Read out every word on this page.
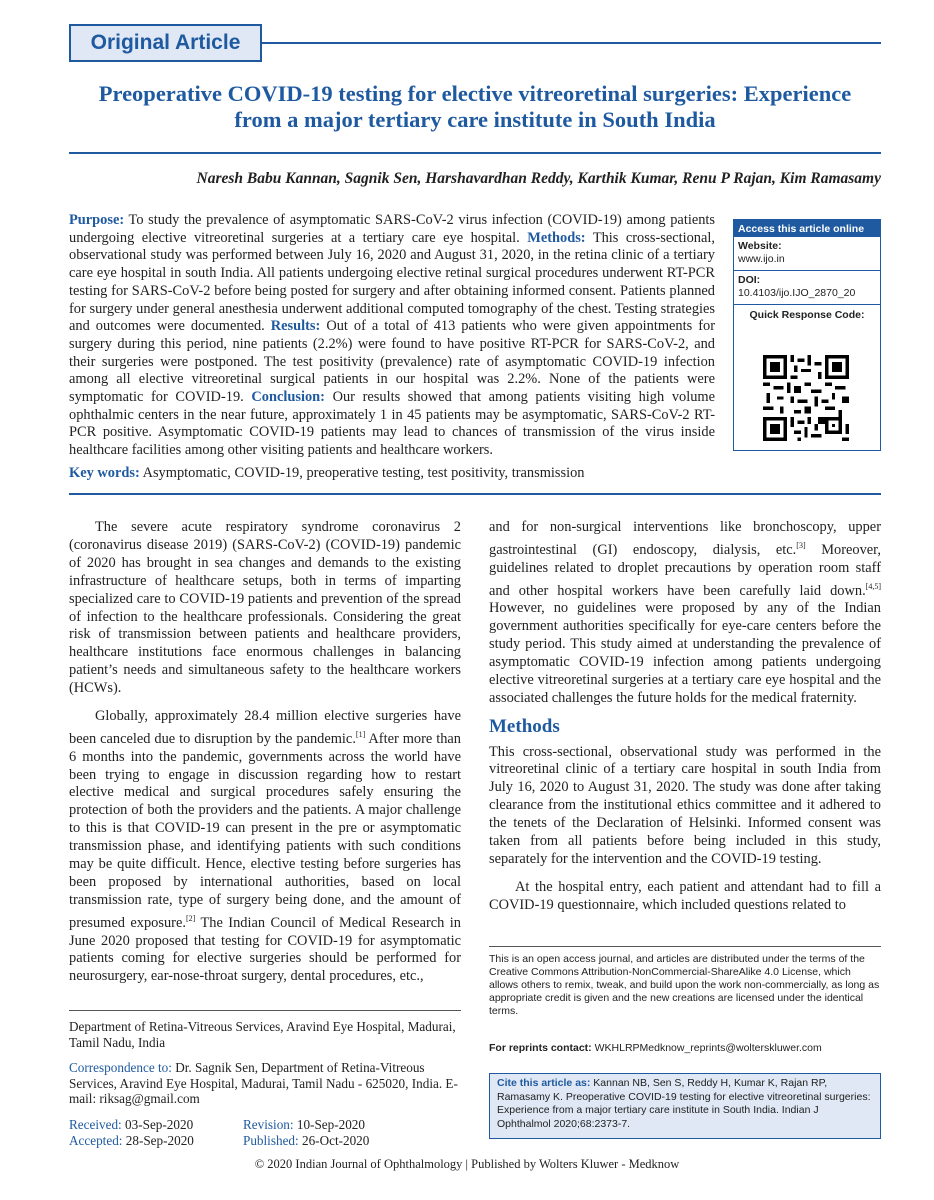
Original Article
Preoperative COVID-19 testing for elective vitreoretinal surgeries: Experience
from a major tertiary care institute in South India
Naresh Babu Kannan, Sagnik Sen, Harshavardhan Reddy, Karthik Kumar, Renu P Rajan, Kim Ramasamy
Purpose: To study the prevalence of asymptomatic SARS-CoV-2 virus infection (COVID-19) among patients undergoing elective vitreoretinal surgeries at a tertiary care eye hospital. Methods: This cross-sectional, observational study was performed between July 16, 2020 and August 31, 2020, in the retina clinic of a tertiary care eye hospital in south India. All patients undergoing elective retinal surgical procedures underwent RT-PCR testing for SARS-CoV-2 before being posted for surgery and after obtaining informed consent. Patients planned for surgery under general anesthesia underwent additional computed tomography of the chest. Testing strategies and outcomes were documented. Results: Out of a total of 413 patients who were given appointments for surgery during this period, nine patients (2.2%) were found to have positive RT-PCR for SARS-CoV-2, and their surgeries were postponed. The test positivity (prevalence) rate of asymptomatic COVID-19 infection among all elective vitreoretinal surgical patients in our hospital was 2.2%. None of the patients were symptomatic for COVID-19. Conclusion: Our results showed that among patients visiting high volume ophthalmic centers in the near future, approximately 1 in 45 patients may be asymptomatic, SARS-CoV-2 RT-PCR positive. Asymptomatic COVID-19 patients may lead to chances of transmission of the virus inside healthcare facilities among other visiting patients and healthcare workers.
Key words: Asymptomatic, COVID-19, preoperative testing, test positivity, transmission
Access this article online
Website:
www.ijo.in
DOI:
10.4103/ijo.IJO_2870_20
Quick Response Code:

The severe acute respiratory syndrome coronavirus 2 (coronavirus disease 2019) (SARS-CoV-2) (COVID-19) pandemic of 2020 has brought in sea changes and demands to the existing infrastructure of healthcare setups, both in terms of imparting specialized care to COVID-19 patients and prevention of the spread of infection to the healthcare professionals. Considering the great risk of transmission between patients and healthcare providers, healthcare institutions face enormous challenges in balancing patient’s needs and simultaneous safety to the healthcare workers (HCWs).

Globally, approximately 28.4 million elective surgeries have been canceled due to disruption by the pandemic.[1] After more than 6 months into the pandemic, governments across the world have been trying to engage in discussion regarding how to restart elective medical and surgical procedures safely ensuring the protection of both the providers and the patients. A major challenge to this is that COVID-19 can present in the pre or asymptomatic transmission phase, and identifying patients with such conditions may be quite difficult. Hence, elective testing before surgeries has been proposed by international authorities, based on local transmission rate, type of surgery being done, and the amount of presumed exposure.[2] The Indian Council of Medical Research in June 2020 proposed that testing for COVID-19 for asymptomatic patients coming for elective surgeries should be performed for neurosurgery, ear-nose-throat surgery, dental procedures, etc.,

and for non-surgical interventions like bronchoscopy, upper gastrointestinal (GI) endoscopy, dialysis, etc.[3] Moreover, guidelines related to droplet precautions by operation room staff and other hospital workers have been carefully laid down.[4,5] However, no guidelines were proposed by any of the Indian government authorities specifically for eye-care centers before the study period. This study aimed at understanding the prevalence of asymptomatic COVID-19 infection among patients undergoing elective vitreoretinal surgeries at a tertiary care eye hospital and the associated challenges the future holds for the medical fraternity.

Methods

This cross-sectional, observational study was performed in the vitreoretinal clinic of a tertiary care hospital in south India from July 16, 2020 to August 31, 2020. The study was done after taking clearance from the institutional ethics committee and it adhered to the tenets of the Declaration of Helsinki. Informed consent was taken from all patients before being included in this study, separately for the intervention and the COVID-19 testing.

At the hospital entry, each patient and attendant had to fill a COVID-19 questionnaire, which included questions related to

This is an open access journal, and articles are distributed under the terms of the Creative Commons Attribution-NonCommercial-ShareAlike 4.0 License, which allows others to remix, tweak, and build upon the work non-commercially, as long as appropriate credit is given and the new creations are licensed under the identical terms.
For reprints contact: WKHLRPMedknow_reprints@wolterskluwer.com
Cite this article as: Kannan NB, Sen S, Reddy H, Kumar K, Rajan RP, Ramasamy K. Preoperative COVID-19 testing for elective vitreoretinal surgeries: Experience from a major tertiary care institute in South India. Indian J Ophthalmol 2020;68:2373-7.
Department of Retina-Vitreous Services, Aravind Eye Hospital, Madurai, Tamil Nadu, India
Correspondence to: Dr. Sagnik Sen, Department of Retina-Vitreous Services, Aravind Eye Hospital, Madurai, Tamil Nadu - 625020, India. E-mail: riksag@gmail.com
Received: 03-Sep-2020	Revision: 10-Sep-2020
Accepted: 28-Sep-2020	Published: 26-Oct-2020
© 2020 Indian Journal of Ophthalmology | Published by Wolters Kluwer - Medknow
